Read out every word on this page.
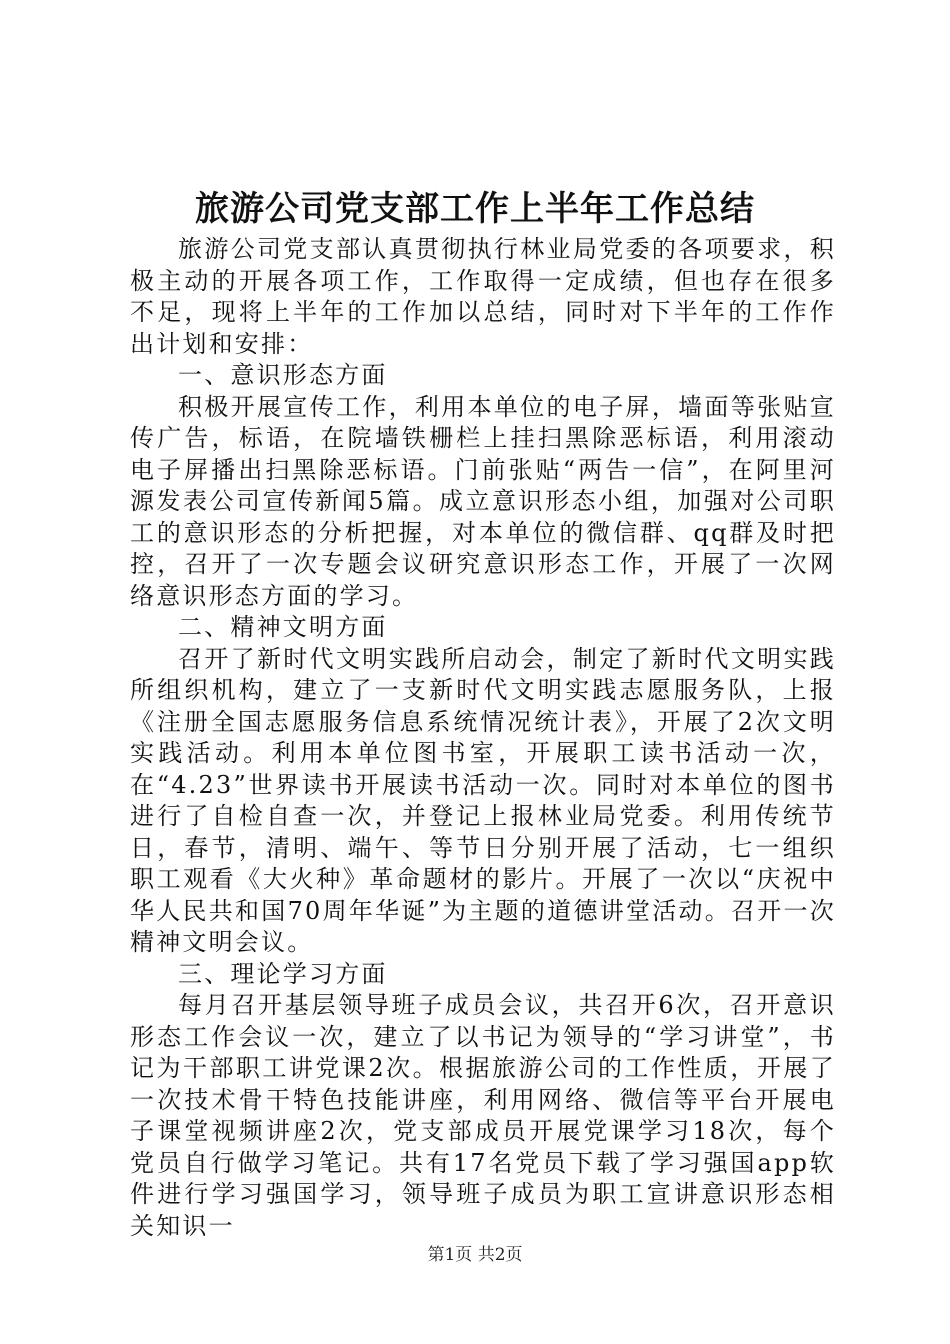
旅游公司党支部工作上半年工作总结

旅游公司党支部认真贯彻执行林业局党委的各项要求，积极主动的开展各项工作，工作取得一定成绩，但也存在很多不足，现将上半年的工作加以总结，同时对下半年的工作作出计划和安排：

一、意识形态方面

积极开展宣传工作，利用本单位的电子屏，墙面等张贴宣传广告，标语，在院墙铁栅栏上挂扫黑除恶标语，利用滚动电子屏播出扫黑除恶标语。门前张贴“两告一信”，在阿里河源发表公司宣传新闻5篇。成立意识形态小组，加强对公司职工的意识形态的分析把握，对本单位的微信群、qq群及时把控，召开了一次专题会议研究意识形态工作，开展了一次网络意识形态方面的学习。

二、精神文明方面

召开了新时代文明实践所启动会，制定了新时代文明实践所组织机构，建立了一支新时代文明实践志愿服务队，上报《注册全国志愿服务信息系统情况统计表》，开展了2次文明实践活动。利用本单位图书室，开展职工读书活动一次，在“4.23”世界读书开展读书活动一次。同时对本单位的图书进行了自检自查一次，并登记上报林业局党委。利用传统节日，春节，清明、端午、等节日分别开展了活动，七一组织职工观看《大火种》革命题材的影片。开展了一次以“庆祝中华人民共和国70周年华诞”为主题的道德讲堂活动。召开一次精神文明会议。

三、理论学习方面

每月召开基层领导班子成员会议，共召开6次，召开意识形态工作会议一次，建立了以书记为领导的“学习讲堂”，书记为干部职工讲党课2次。根据旅游公司的工作性质，开展了一次技术骨干特色技能讲座，利用网络、微信等平台开展电子课堂视频讲座2次，党支部成员开展党课学习18次，每个党员自行做学习笔记。共有17名党员下载了学习强国app软件进行学习强国学习，领导班子成员为职工宣讲意识形态相关知识一

第1页 共2页
